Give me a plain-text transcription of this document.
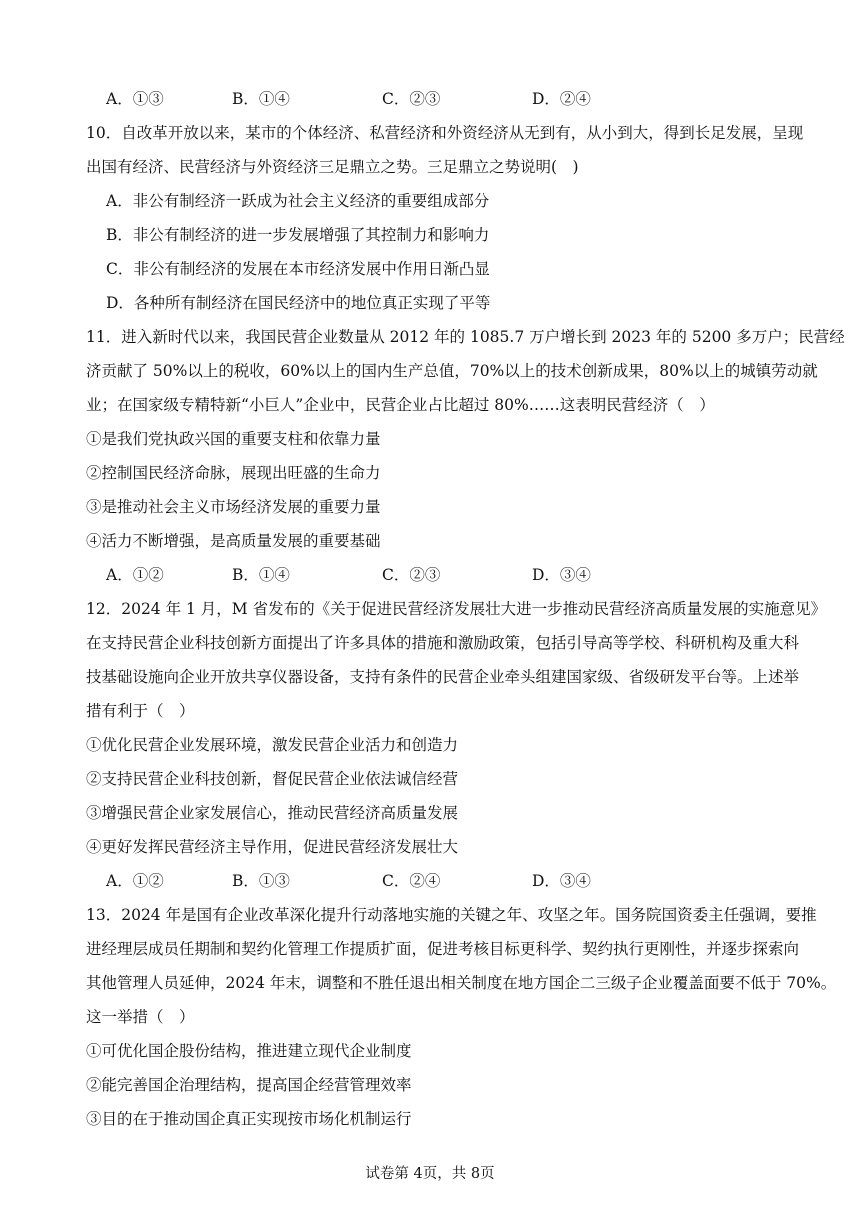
A．①③	B．①④	C．②③	D．②④
10．自改革开放以来，某市的个体经济、私营经济和外资经济从无到有，从小到大，得到长足发展，呈现
出国有经济、民营经济与外资经济三足鼎立之势。三足鼎立之势说明(　)
A．非公有制经济一跃成为社会主义经济的重要组成部分
B．非公有制经济的进一步发展增强了其控制力和影响力
C．非公有制经济的发展在本市经济发展中作用日渐凸显
D．各种所有制经济在国民经济中的地位真正实现了平等
11．进入新时代以来，我国民营企业数量从 2012 年的 1085.7 万户增长到 2023 年的 5200 多万户；民营经
济贡献了 50%以上的税收，60%以上的国内生产总值，70%以上的技术创新成果，80%以上的城镇劳动就
业；在国家级专精特新“小巨人”企业中，民营企业占比超过 80%……这表明民营经济（　）
①是我们党执政兴国的重要支柱和依靠力量
②控制国民经济命脉，展现出旺盛的生命力
③是推动社会主义市场经济发展的重要力量
④活力不断增强，是高质量发展的重要基础
A．①②	B．①④	C．②③	D．③④
12．2024 年 1 月，M 省发布的《关于促进民营经济发展壮大进一步推动民营经济高质量发展的实施意见》
在支持民营企业科技创新方面提出了许多具体的措施和激励政策，包括引导高等学校、科研机构及重大科
技基础设施向企业开放共享仪器设备，支持有条件的民营企业牵头组建国家级、省级研发平台等。上述举
措有利于（　）
①优化民营企业发展环境，激发民营企业活力和创造力
②支持民营企业科技创新，督促民营企业依法诚信经营
③增强民营企业家发展信心，推动民营经济高质量发展
④更好发挥民营经济主导作用，促进民营经济发展壮大
A．①②	B．①③	C．②④	D．③④
13．2024 年是国有企业改革深化提升行动落地实施的关键之年、攻坚之年。国务院国资委主任强调，要推
进经理层成员任期制和契约化管理工作提质扩面，促进考核目标更科学、契约执行更刚性，并逐步探索向
其他管理人员延伸，2024 年末，调整和不胜任退出相关制度在地方国企二三级子企业覆盖面要不低于 70%。
这一举措（　）
①可优化国企股份结构，推进建立现代企业制度
②能完善国企治理结构，提高国企经营管理效率
③目的在于推动国企真正实现按市场化机制运行
试卷第 4页，共 8页
